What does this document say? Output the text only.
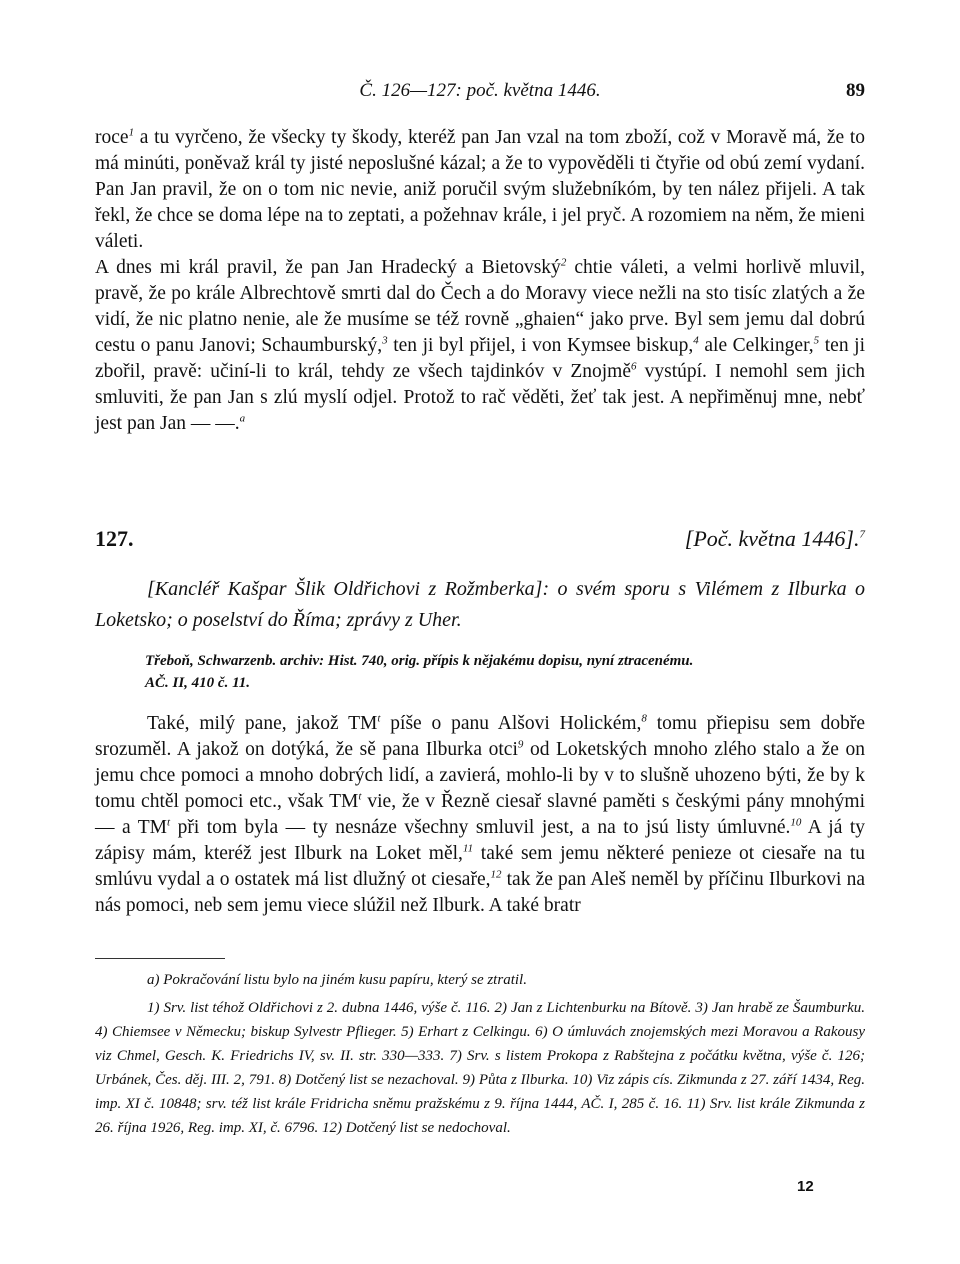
Č. 126—127: poč. května 1446.	89

roce$^1$ a tu vyrčeno, že všecky ty škody, kteréž pan Jan vzal na tom zboží, což v Moravě má, že to má minúti, poněvaž král ty jisté neposlušné kázal; a že to vypověděli ti čtyřie od obú zemí vydaní. Pan Jan pravil, že on o tom nic nevie, aniž poručil svým služebníkóm, by ten nález přijeli. A tak řekl, že chce se doma lépe na to zeptati, a požehnav krále, i jel pryč. A rozomiem na něm, že mieni váleti.

A dnes mi král pravil, že pan Jan Hradecký a Bietovský$^2$ chtie váleti, a velmi horlivě mluvil, pravě, že po krále Albrechtově smrti dal do Čech a do Moravy viece nežli na sto tisíc zlatých a že vidí, že nic platno nenie, ale že musíme se též rovně „ghaien“ jako prve. Byl sem jemu dal dobrú cestu o panu Janovi; Schaumburský,$^3$ ten ji byl přijel, i von Kymsee biskup,$^4$ ale Celkinger,$^5$ ten ji zbořil, pravě: učiní-li to král, tehdy ze všech tajdinkóv v Znojmě$^6$ vystúpí. I nemohl sem jich smluviti, že pan Jan s zlú myslí odjel. Protož to rač věděti, žeť tak jest. A nepřiměnuj mne, nebť jest pan Jan — —.$^a$

127.	[Poč. května 1446].$^7$
[Kancléř Kašpar Šlik Oldřichovi z Rožmberka]: o svém sporu s Vilémem z Ilburka o Loketsko; o poselství do Říma; zprávy z Uher.

Třeboň, Schwarzenb. archiv: Hist. 740, orig. přípis k nějakému dopisu, nyní ztracenému.

AČ. II, 410 č. 11.

Také, milý pane, jakož $TM^t$ píše o panu Alšovi Holickém,$^8$ tomu přiepisu sem dobře srozuměl. A jakož on dotýká, že sě pana Ilburka otci$^9$ od Loketských mnoho zlého stalo a že on jemu chce pomoci a mnoho dobrých lidí, a zavierá, mohlo-li by v to slušně uhozeno býti, že by k tomu chtěl pomoci etc., však $TM^t$ vie, že v Řezně ciesař slavné paměti s českými pány mnohými — a $TM^t$ při tom byla — ty nesnáze všechny smluvil jest, a na to jsú listy úmluvné.$^{10}$ A já ty zápisy mám, kteréž jest Ilburk na Loket měl,$^{11}$ také sem jemu některé penieze ot ciesaře na tu smlúvu vydal a o ostatek má list dlužný ot ciesaře,$^{12}$ tak že pan Aleš neměl by příčinu Ilburkovi na nás pomoci, neb sem jemu viece slúžil než Ilburk. A také bratr

a) Pokračování listu bylo na jiném kusu papíru, který se ztratil.

1) Srv. list téhož Oldřichovi z 2. dubna 1446, výše č. 116. 2) Jan z Lichtenburku na Bítově. 3) Jan hrabě ze Šaumburku. 4) Chiemsee v Německu; biskup Sylvestr Pflieger. 5) Erhart z Celkingu. 6) O úmluvách znojemských mezi Moravou a Rakousy viz Chmel, Gesch. K. Friedrichs IV, sv. II. str. 330—333. 7) Srv. s listem Prokopa z Rabštejna z počátku května, výše č. 126; Urbánek, Čes. děj. III. 2, 791. 8) Dotčený list se nezachoval. 9) Půta z Ilburka. 10) Viz zápis cís. Zikmunda z 27. září 1434, Reg. imp. XI č. 10848; srv. též list krále Fridricha sněmu pražskému z 9. října 1444, AČ. I, 285 č. 16. 11) Srv. list krále Zikmunda z 26. října 1926, Reg. imp. XI, č. 6796. 12) Dotčený list se nedochoval.

12
